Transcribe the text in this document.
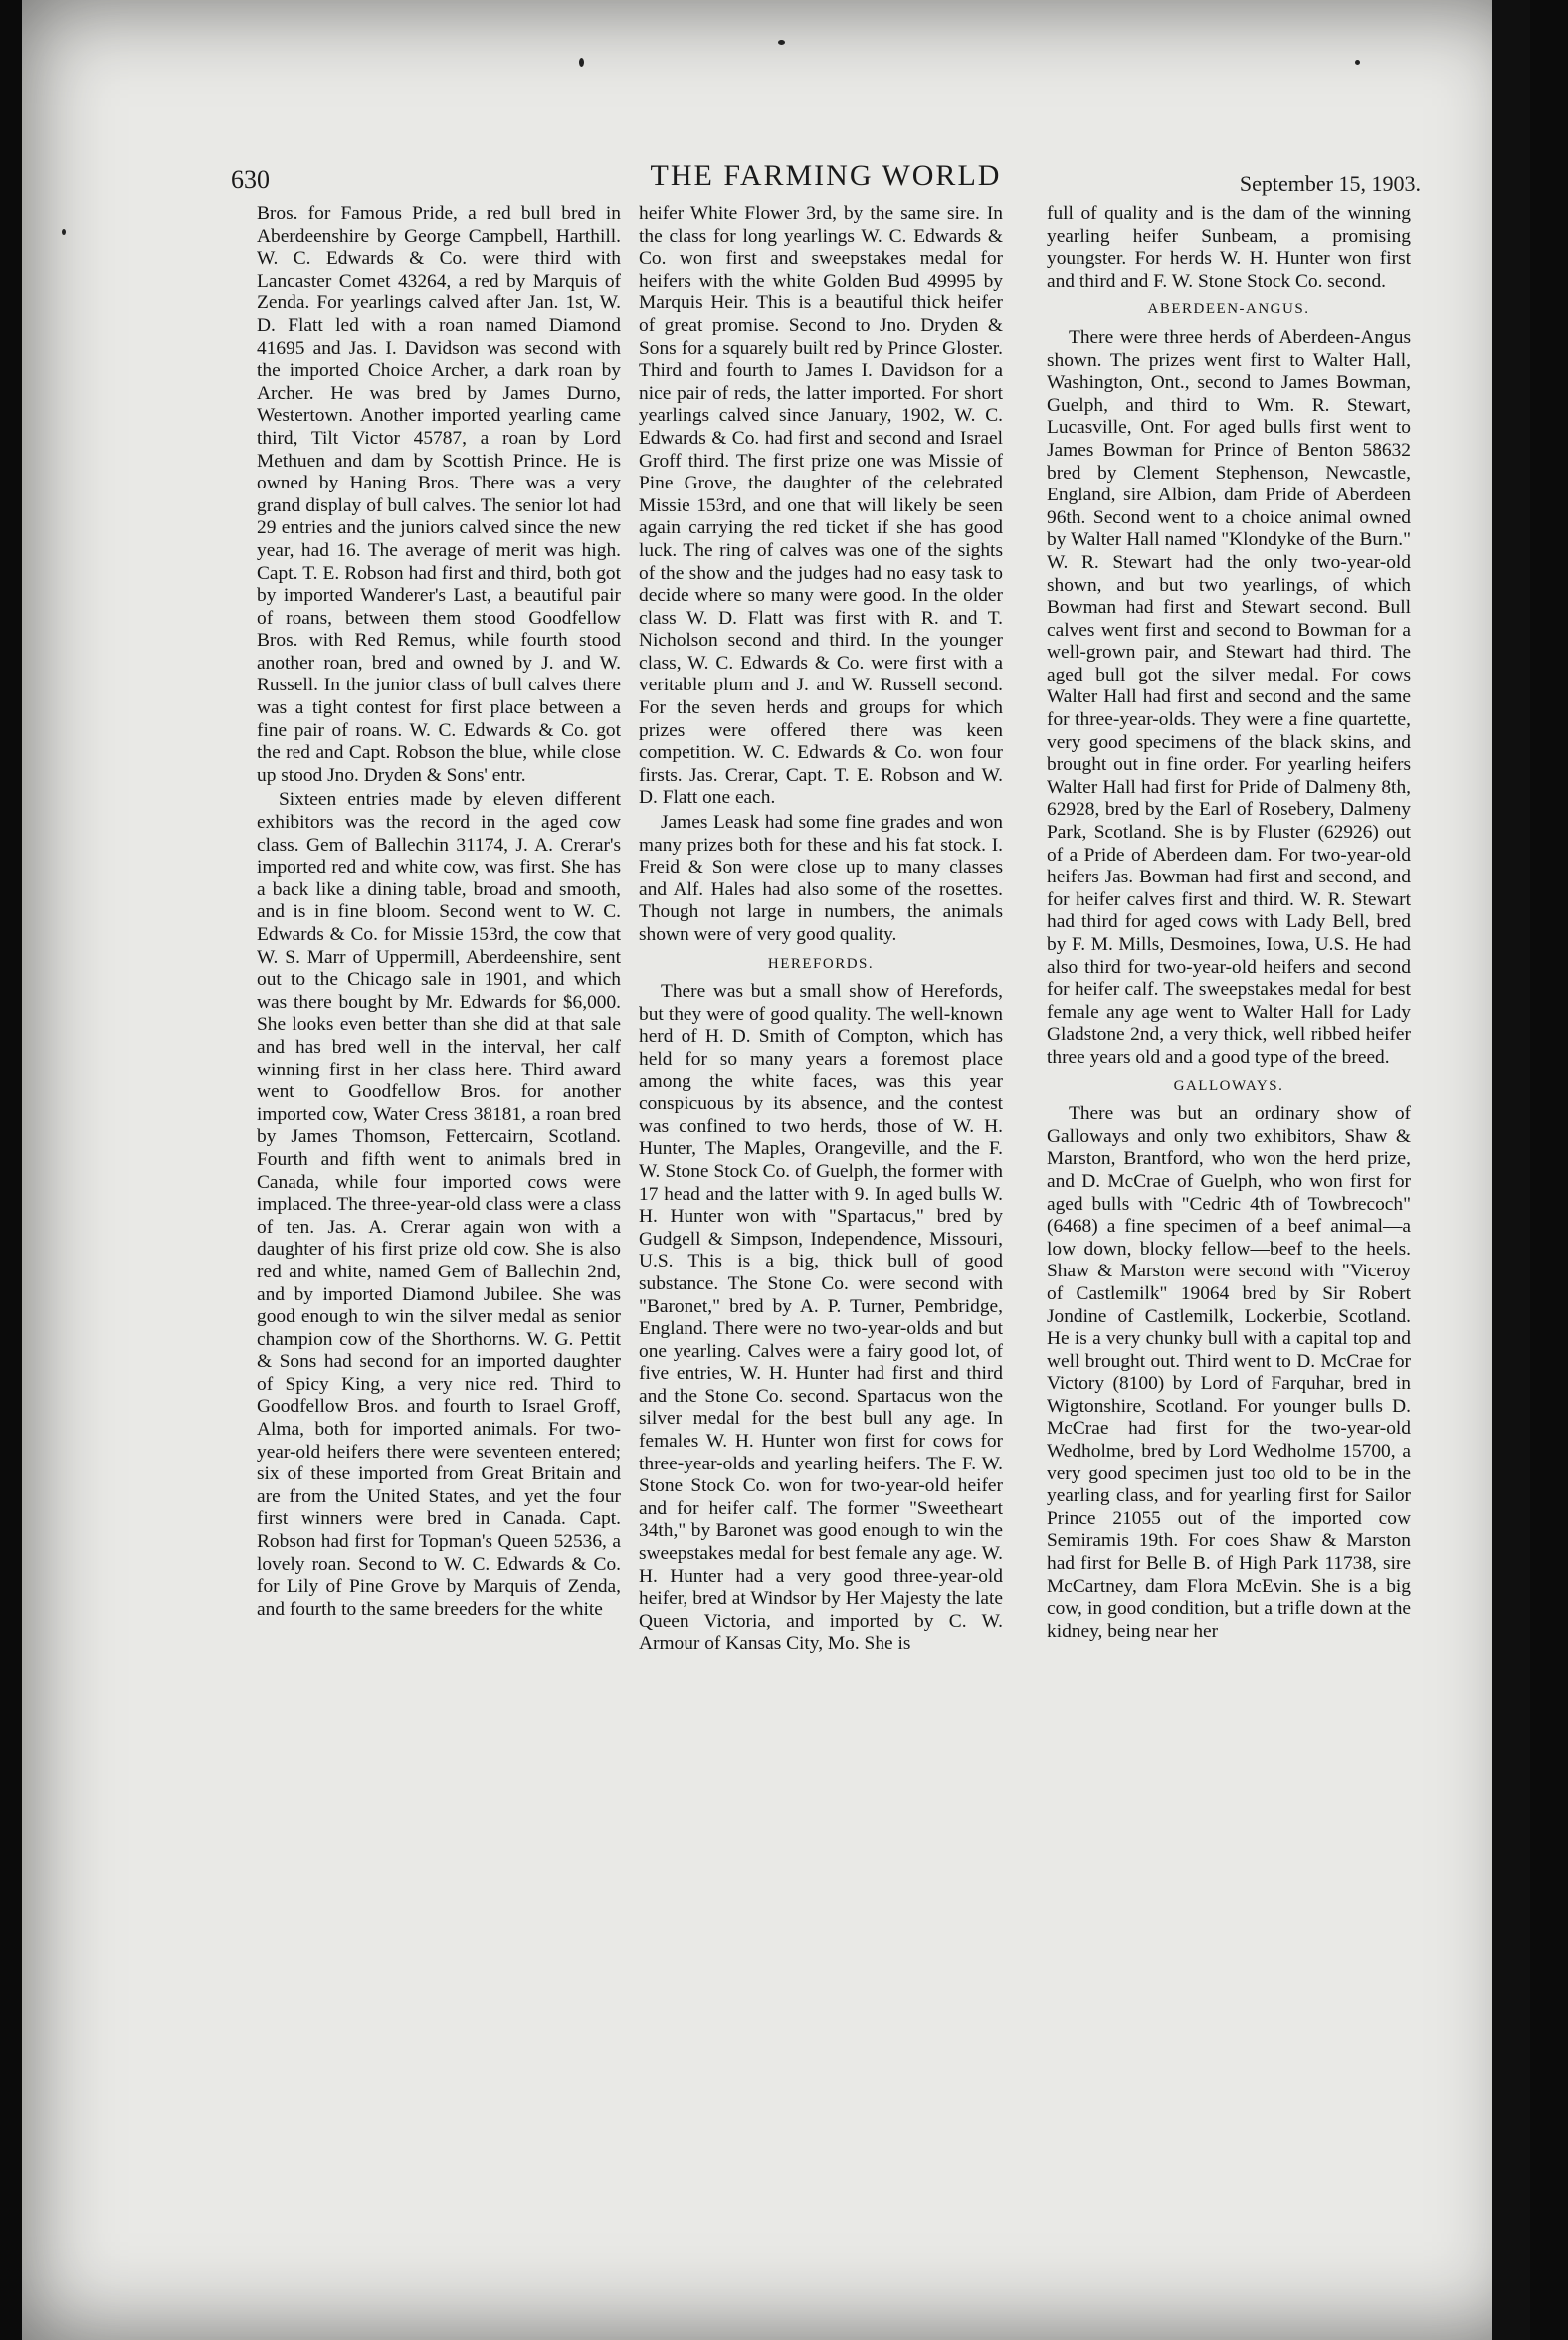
630	THE FARMING WORLD	September 15, 1903.

Bros. for Famous Pride, a red bull bred in Aberdeenshire by George Campbell, Harthill. W. C. Edwards & Co. were third with Lancaster Comet 43264, a red by Marquis of Zenda. For yearlings calved after Jan. 1st, W. D. Flatt led with a roan named Diamond 41695 and Jas. I. Davidson was second with the imported Choice Archer, a dark roan by Archer. He was bred by James Durno, Westertown. Another imported yearling came third, Tilt Victor 45787, a roan by Lord Methuen and dam by Scottish Prince. He is owned by Haning Bros. There was a very grand display of bull calves. The senior lot had 29 entries and the juniors calved since the new year, had 16. The average of merit was high. Capt. T. E. Robson had first and third, both got by imported Wanderer's Last, a beautiful pair of roans, between them stood Goodfellow Bros. with Red Remus, while fourth stood another roan, bred and owned by J. and W. Russell. In the junior class of bull calves there was a tight contest for first place between a fine pair of roans. W. C. Edwards & Co. got the red and Capt. Robson the blue, while close up stood Jno. Dryden & Sons' entr.

Sixteen entries made by eleven different exhibitors was the record in the aged cow class. Gem of Ballechin 31174, J. A. Crerar's imported red and white cow, was first. She has a back like a dining table, broad and smooth, and is in fine bloom. Second went to W. C. Edwards & Co. for Missie 153rd, the cow that W. S. Marr of Uppermill, Aberdeenshire, sent out to the Chicago sale in 1901, and which was there bought by Mr. Edwards for $6,000. She looks even better than she did at that sale and has bred well in the interval, her calf winning first in her class here. Third award went to Goodfellow Bros. for another imported cow, Water Cress 38181, a roan bred by James Thomson, Fettercairn, Scotland. Fourth and fifth went to animals bred in Canada, while four imported cows were implaced. The three-year-old class were a class of ten. Jas. A. Crerar again won with a daughter of his first prize old cow. She is also red and white, named Gem of Ballechin 2nd, and by imported Diamond Jubilee. She was good enough to win the silver medal as senior champion cow of the Shorthorns. W. G. Pettit & Sons had second for an imported daughter of Spicy King, a very nice red. Third to Goodfellow Bros. and fourth to Israel Groff, Alma, both for imported animals. For two-year-old heifers there were seventeen entered; six of these imported from Great Britain and are from the United States, and yet the four first winners were bred in Canada. Capt. Robson had first for Topman's Queen 52536, a lovely roan. Second to W. C. Edwards & Co. for Lily of Pine Grove by Marquis of Zenda, and fourth to the same breeders for the white

heifer White Flower 3rd, by the same sire. In the class for long yearlings W. C. Edwards & Co. won first and sweepstakes medal for heifers with the white Golden Bud 49995 by Marquis Heir. This is a beautiful thick heifer of great promise. Second to Jno. Dryden & Sons for a squarely built red by Prince Gloster. Third and fourth to James I. Davidson for a nice pair of reds, the latter imported. For short yearlings calved since January, 1902, W. C. Edwards & Co. had first and second and Israel Groff third. The first prize one was Missie of Pine Grove, the daughter of the celebrated Missie 153rd, and one that will likely be seen again carrying the red ticket if she has good luck. The ring of calves was one of the sights of the show and the judges had no easy task to decide where so many were good. In the older class W. D. Flatt was first with R. and T. Nicholson second and third. In the younger class, W. C. Edwards & Co. were first with a veritable plum and J. and W. Russell second. For the seven herds and groups for which prizes were offered there was keen competition. W. C. Edwards & Co. won four firsts. Jas. Crerar, Capt. T. E. Robson and W. D. Flatt one each.

James Leask had some fine grades and won many prizes both for these and his fat stock. I. Freid & Son were close up to many classes and Alf. Hales had also some of the rosettes. Though not large in numbers, the animals shown were of very good quality.

HEREFORDS.

There was but a small show of Herefords, but they were of good quality. The well-known herd of H. D. Smith of Compton, which has held for so many years a foremost place among the white faces, was this year conspicuous by its absence, and the contest was confined to two herds, those of W. H. Hunter, The Maples, Orangeville, and the F. W. Stone Stock Co. of Guelph, the former with 17 head and the latter with 9. In aged bulls W. H. Hunter won with "Spartacus," bred by Gudgell & Simpson, Independence, Missouri, U.S. This is a big, thick bull of good substance. The Stone Co. were second with "Baronet," bred by A. P. Turner, Pembridge, England. There were no two-year-olds and but one yearling. Calves were a fairy good lot, of five entries, W. H. Hunter had first and third and the Stone Co. second. Spartacus won the silver medal for the best bull any age. In females W. H. Hunter won first for cows for three-year-olds and yearling heifers. The F. W. Stone Stock Co. won for two-year-old heifer and for heifer calf. The former "Sweetheart 34th," by Baronet was good enough to win the sweepstakes medal for best female any age. W. H. Hunter had a very good three-year-old heifer, bred at Windsor by Her Majesty the late Queen Victoria, and imported by C. W. Armour of Kansas City, Mo. She is

full of quality and is the dam of the winning yearling heifer Sunbeam, a promising youngster. For herds W. H. Hunter won first and third and F. W. Stone Stock Co. second.

ABERDEEN-ANGUS.

There were three herds of Aberdeen-Angus shown. The prizes went first to Walter Hall, Washington, Ont., second to James Bowman, Guelph, and third to Wm. R. Stewart, Lucasville, Ont. For aged bulls first went to James Bowman for Prince of Benton 58632 bred by Clement Stephenson, Newcastle, England, sire Albion, dam Pride of Aberdeen 96th. Second went to a choice animal owned by Walter Hall named "Klondyke of the Burn." W. R. Stewart had the only two-year-old shown, and but two yearlings, of which Bowman had first and Stewart second. Bull calves went first and second to Bowman for a well-grown pair, and Stewart had third. The aged bull got the silver medal. For cows Walter Hall had first and second and the same for three-year-olds. They were a fine quartette, very good specimens of the black skins, and brought out in fine order. For yearling heifers Walter Hall had first for Pride of Dalmeny 8th, 62928, bred by the Earl of Rosebery, Dalmeny Park, Scotland. She is by Fluster (62926) out of a Pride of Aberdeen dam. For two-year-old heifers Jas. Bowman had first and second, and for heifer calves first and third. W. R. Stewart had third for aged cows with Lady Bell, bred by F. M. Mills, Desmoines, Iowa, U.S. He had also third for two-year-old heifers and second for heifer calf. The sweepstakes medal for best female any age went to Walter Hall for Lady Gladstone 2nd, a very thick, well ribbed heifer three years old and a good type of the breed.

GALLOWAYS.

There was but an ordinary show of Galloways and only two exhibitors, Shaw & Marston, Brantford, who won the herd prize, and D. McCrae of Guelph, who won first for aged bulls with "Cedric 4th of Towbrecoch" (6468) a fine specimen of a beef animal—a low down, blocky fellow—beef to the heels. Shaw & Marston were second with "Viceroy of Castlemilk" 19064 bred by Sir Robert Jondine of Castlemilk, Lockerbie, Scotland. He is a very chunky bull with a capital top and well brought out. Third went to D. McCrae for Victory (8100) by Lord of Farquhar, bred in Wigtonshire, Scotland. For younger bulls D. McCrae had first for the two-year-old Wedholme, bred by Lord Wedholme 15700, a very good specimen just too old to be in the yearling class, and for yearling first for Sailor Prince 21055 out of the imported cow Semiramis 19th. For coes Shaw & Marston had first for Belle B. of High Park 11738, sire McCartney, dam Flora McEvin. She is a big cow, in good condition, but a trifle down at the kidney, being near her
